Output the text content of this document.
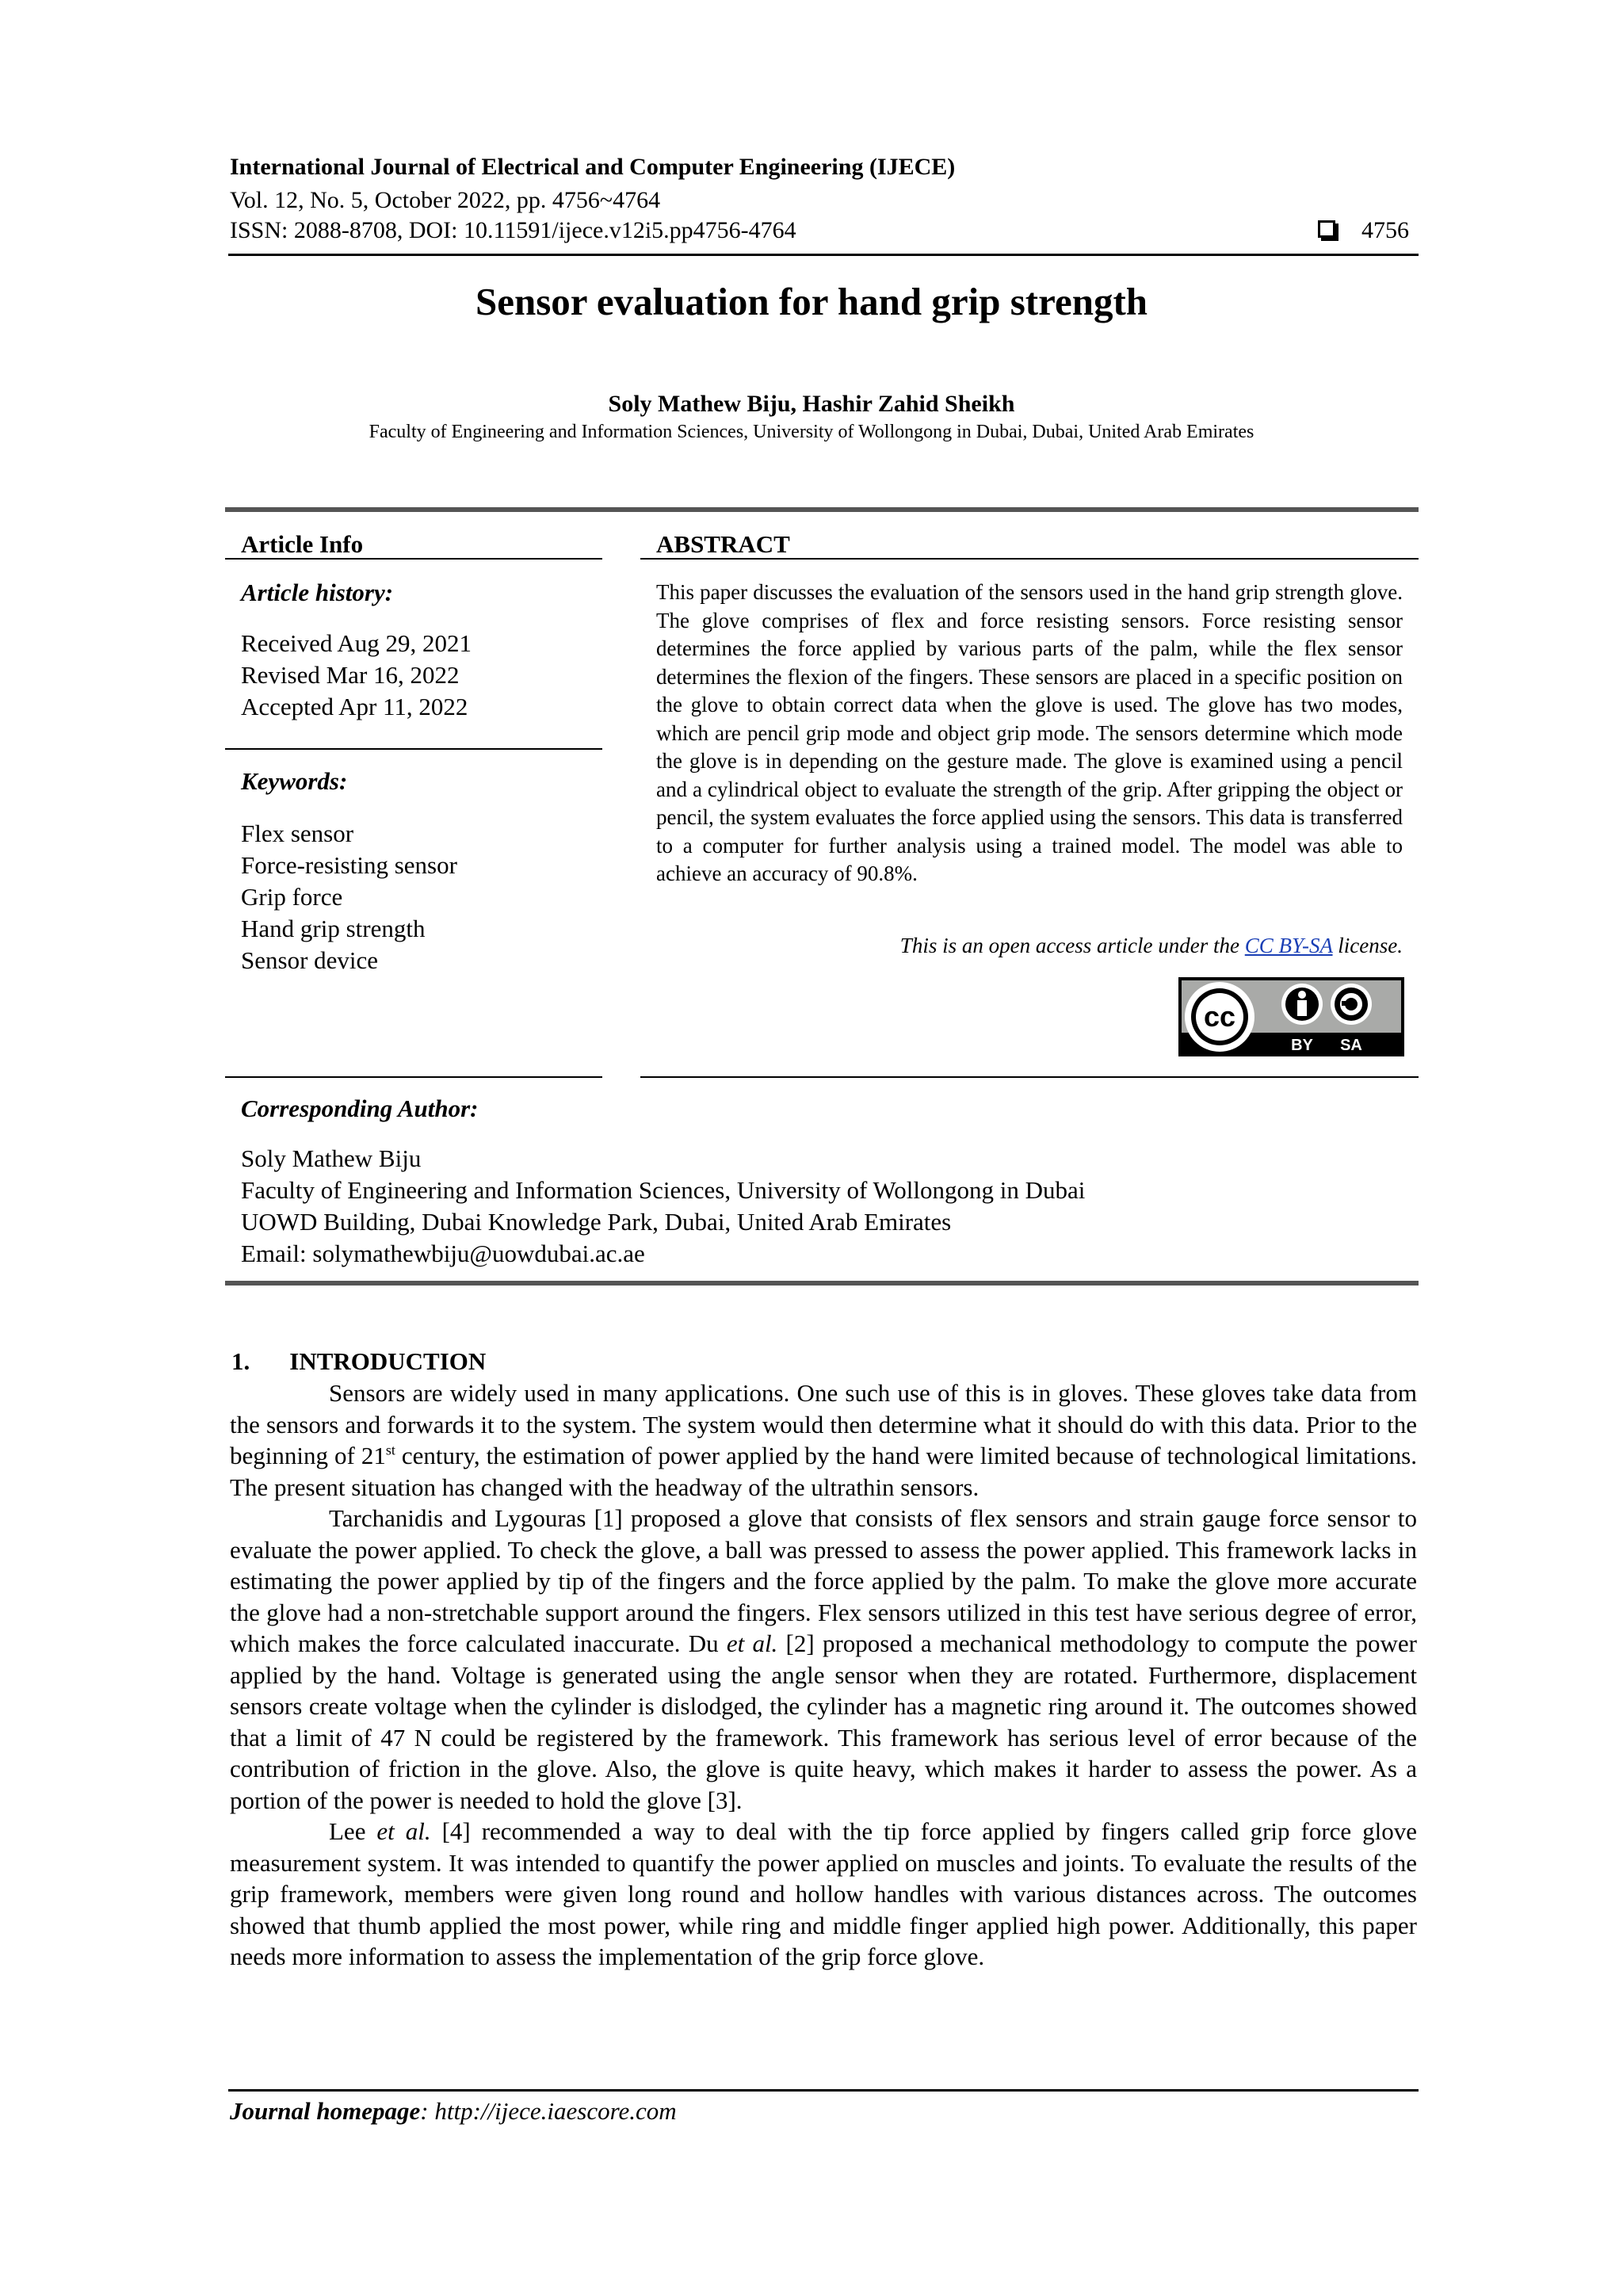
International Journal of Electrical and Computer Engineering (IJECE)
Vol. 12, No. 5, October 2022, pp. 4756~4764
ISSN: 2088-8708, DOI: 10.11591/ijece.v12i5.pp4756-4764	4756
Sensor evaluation for hand grip strength
Soly Mathew Biju, Hashir Zahid Sheikh
Faculty of Engineering and Information Sciences, University of Wollongong in Dubai, Dubai, United Arab Emirates
Article Info
Article history:
Received Aug 29, 2021
Revised Mar 16, 2022
Accepted Apr 11, 2022
Keywords:
Flex sensor
Force-resisting sensor
Grip force
Hand grip strength
Sensor device
ABSTRACT
This paper discusses the evaluation of the sensors used in the hand grip strength glove. The glove comprises of flex and force resisting sensors. Force resisting sensor determines the force applied by various parts of the palm, while the flex sensor determines the flexion of the fingers. These sensors are placed in a specific position on the glove to obtain correct data when the glove is used. The glove has two modes, which are pencil grip mode and object grip mode. The sensors determine which mode the glove is in depending on the gesture made. The glove is examined using a pencil and a cylindrical object to evaluate the strength of the grip. After gripping the object or pencil, the system evaluates the force applied using the sensors. This data is transferred to a computer for further analysis using a trained model. The model was able to achieve an accuracy of 90.8%.
This is an open access article under the CC BY-SA license.
cc
BY SA
Corresponding Author:
Soly Mathew Biju
Faculty of Engineering and Information Sciences, University of Wollongong in Dubai
UOWD Building, Dubai Knowledge Park, Dubai, United Arab Emirates
Email: solymathewbiju@uowdubai.ac.ae
1. INTRODUCTION

Sensors are widely used in many applications. One such use of this is in gloves. These gloves take data from the sensors and forwards it to the system. The system would then determine what it should do with this data. Prior to the beginning of 21st century, the estimation of power applied by the hand were limited because of technological limitations. The present situation has changed with the headway of the ultrathin sensors.

Tarchanidis and Lygouras [1] proposed a glove that consists of flex sensors and strain gauge force sensor to evaluate the power applied. To check the glove, a ball was pressed to assess the power applied. This framework lacks in estimating the power applied by tip of the fingers and the force applied by the palm. To make the glove more accurate the glove had a non-stretchable support around the fingers. Flex sensors utilized in this test have serious degree of error, which makes the force calculated inaccurate. Du et al. [2] proposed a mechanical methodology to compute the power applied by the hand. Voltage is generated using the angle sensor when they are rotated. Furthermore, displacement sensors create voltage when the cylinder is dislodged, the cylinder has a magnetic ring around it. The outcomes showed that a limit of 47 N could be registered by the framework. This framework has serious level of error because of the contribution of friction in the glove. Also, the glove is quite heavy, which makes it harder to assess the power. As a portion of the power is needed to hold the glove [3].

Lee et al. [4] recommended a way to deal with the tip force applied by fingers called grip force glove measurement system. It was intended to quantify the power applied on muscles and joints. To evaluate the results of the grip framework, members were given long round and hollow handles with various distances across. The outcomes showed that thumb applied the most power, while ring and middle finger applied high power. Additionally, this paper needs more information to assess the implementation of the grip force glove.

Journal homepage: http://ijece.iaescore.com
